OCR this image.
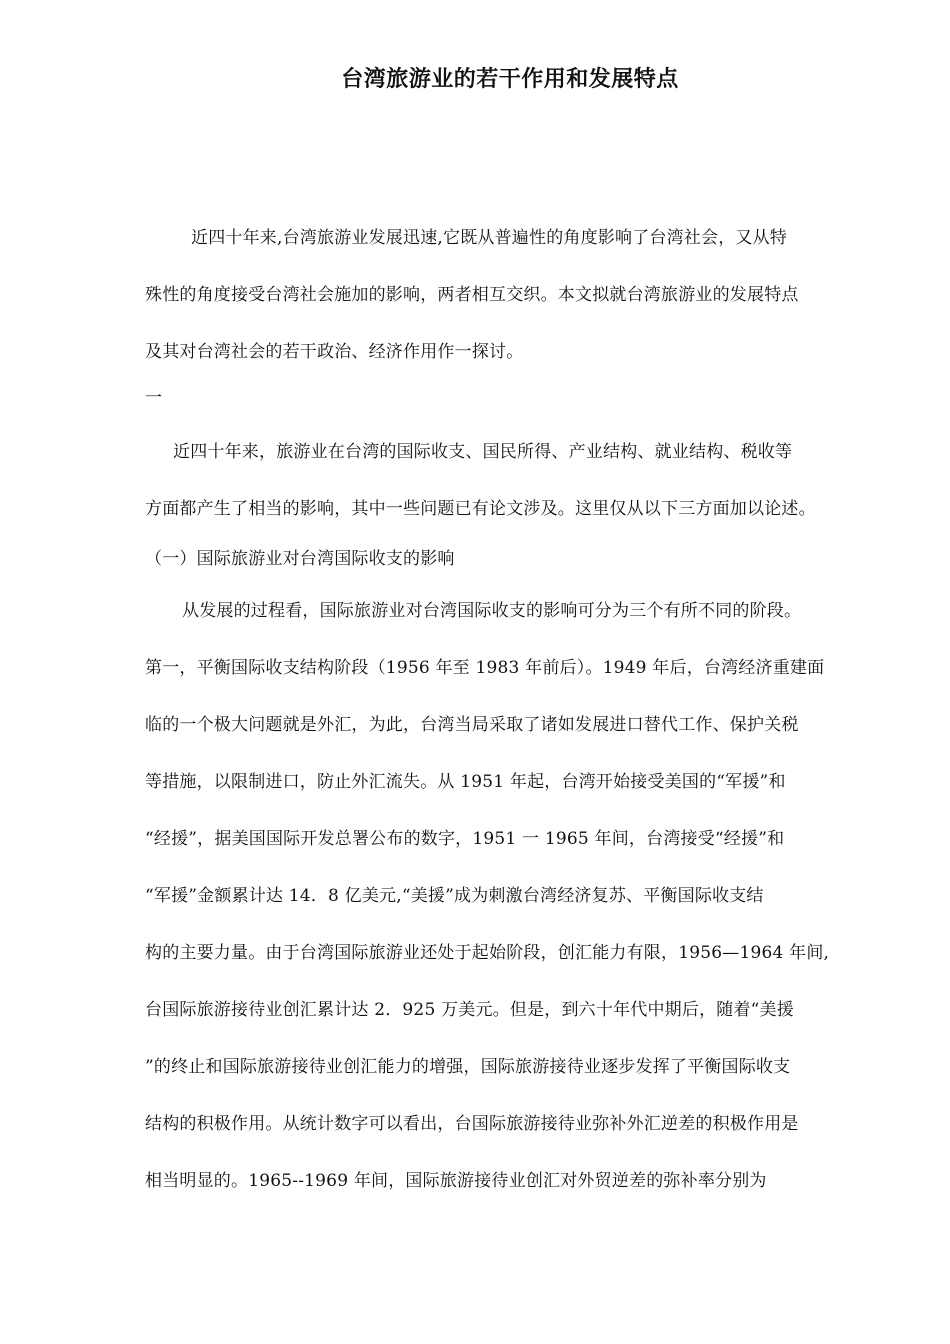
台湾旅游业的若干作用和发展特点
近四十年来,台湾旅游业发展迅速,它既从普遍性的角度影响了台湾社会，又从特
殊性的角度接受台湾社会施加的影响，两者相互交织。本文拟就台湾旅游业的发展特点
及其对台湾社会的若干政治、经济作用作一探讨。
一
近四十年来，旅游业在台湾的国际收支、国民所得、产业结构、就业结构、税收等
方面都产生了相当的影响，其中一些问题已有论文涉及。这里仅从以下三方面加以论述。
（一）国际旅游业对台湾国际收支的影响
从发展的过程看，国际旅游业对台湾国际收支的影响可分为三个有所不同的阶段。
第一，平衡国际收支结构阶段（1956 年至 1983 年前后）。1949 年后，台湾经济重建面
临的一个极大问题就是外汇，为此，台湾当局采取了诸如发展进口替代工作、保护关税
等措施，以限制进口，防止外汇流失。从 1951 年起，台湾开始接受美国的“军援”和
“经援”，据美国国际开发总署公布的数字，1951 一 1965 年间，台湾接受“经援”和
“军援”金额累计达 14．8 亿美元,“美援”成为刺激台湾经济复苏、平衡国际收支结
构的主要力量。由于台湾国际旅游业还处于起始阶段，创汇能力有限，1956—1964 年间,
台国际旅游接待业创汇累计达 2．925 万美元。但是，到六十年代中期后，随着“美援
”的终止和国际旅游接待业创汇能力的增强，国际旅游接待业逐步发挥了平衡国际收支
结构的积极作用。从统计数字可以看出，台国际旅游接待业弥补外汇逆差的积极作用是
相当明显的。1965--1969 年间，国际旅游接待业创汇对外贸逆差的弥补率分别为
